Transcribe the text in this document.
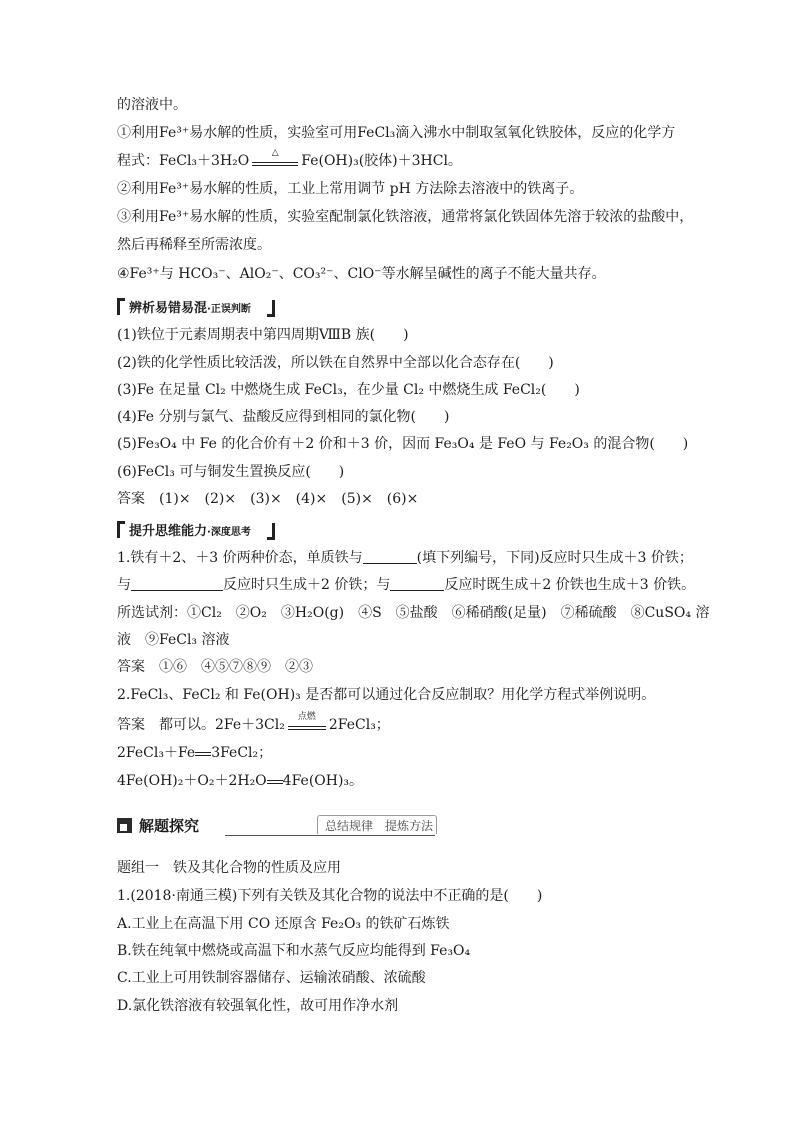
的溶液中。
①利用Fe³⁺易水解的性质，实验室可用FeCl₃滴入沸水中制取氢氧化铁胶体，反应的化学方
程式：FeCl₃＋3H₂O	△	Fe(OH)₃(胶体)＋3HCl。
②利用Fe³⁺易水解的性质，工业上常用调节 pH 方法除去溶液中的铁离子。
③利用Fe³⁺易水解的性质，实验室配制氯化铁溶液，通常将氯化铁固体先溶于较浓的盐酸中，
然后再稀释至所需浓度。
④Fe³⁺与 HCO₃⁻、AlO₂⁻、CO₃²⁻、ClO⁻等水解呈碱性的离子不能大量共存。
辨析易错易混·正误判断
(1)铁位于元素周期表中第四周期ⅧB 族(　　)
(2)铁的化学性质比较活泼，所以铁在自然界中全部以化合态存在(　　)
(3)Fe 在足量 Cl₂ 中燃烧生成 FeCl₃，在少量 Cl₂ 中燃烧生成 FeCl₂(　　)
(4)Fe 分别与氯气、盐酸反应得到相同的氯化物(　　)
(5)Fe₃O₄ 中 Fe 的化合价有＋2 价和＋3 价，因而 Fe₃O₄ 是 FeO 与 Fe₂O₃ 的混合物(　　)
(6)FeCl₃ 可与铜发生置换反应(　　)
答案　(1)×　(2)×　(3)×　(4)×　(5)×　(6)×
提升思维能力·深度思考
1.铁有＋2、＋3 价两种价态，单质铁与	(填下列编号，下同)反应时只生成＋3 价铁；
与	反应时只生成＋2 价铁；与	反应时既生成＋2 价铁也生成＋3 价铁。
所选试剂：①Cl₂　②O₂　③H₂O(g)　④S　⑤盐酸　⑥稀硝酸(足量)　⑦稀硫酸　⑧CuSO₄ 溶
液　⑨FeCl₃ 溶液
答案　①⑥　④⑤⑦⑧⑨　②③
2.FeCl₃、FeCl₂ 和 Fe(OH)₃ 是否都可以通过化合反应制取？用化学方程式举例说明。
答案　都可以。2Fe＋3Cl₂	点燃 2FeCl₃；
2FeCl₃＋Fe 3FeCl₂；
4Fe(OH)₂＋O₂＋2H₂O 4Fe(OH)₃。
解题探究	总结规律　提炼方法
题组一　铁及其化合物的性质及应用
1.(2018·南通三模)下列有关铁及其化合物的说法中不正确的是(　　)
A.工业上在高温下用 CO 还原含 Fe₂O₃ 的铁矿石炼铁
B.铁在纯氧中燃烧或高温下和水蒸气反应均能得到 Fe₃O₄
C.工业上可用铁制容器储存、运输浓硝酸、浓硫酸
D.氯化铁溶液有较强氧化性，故可用作净水剂
